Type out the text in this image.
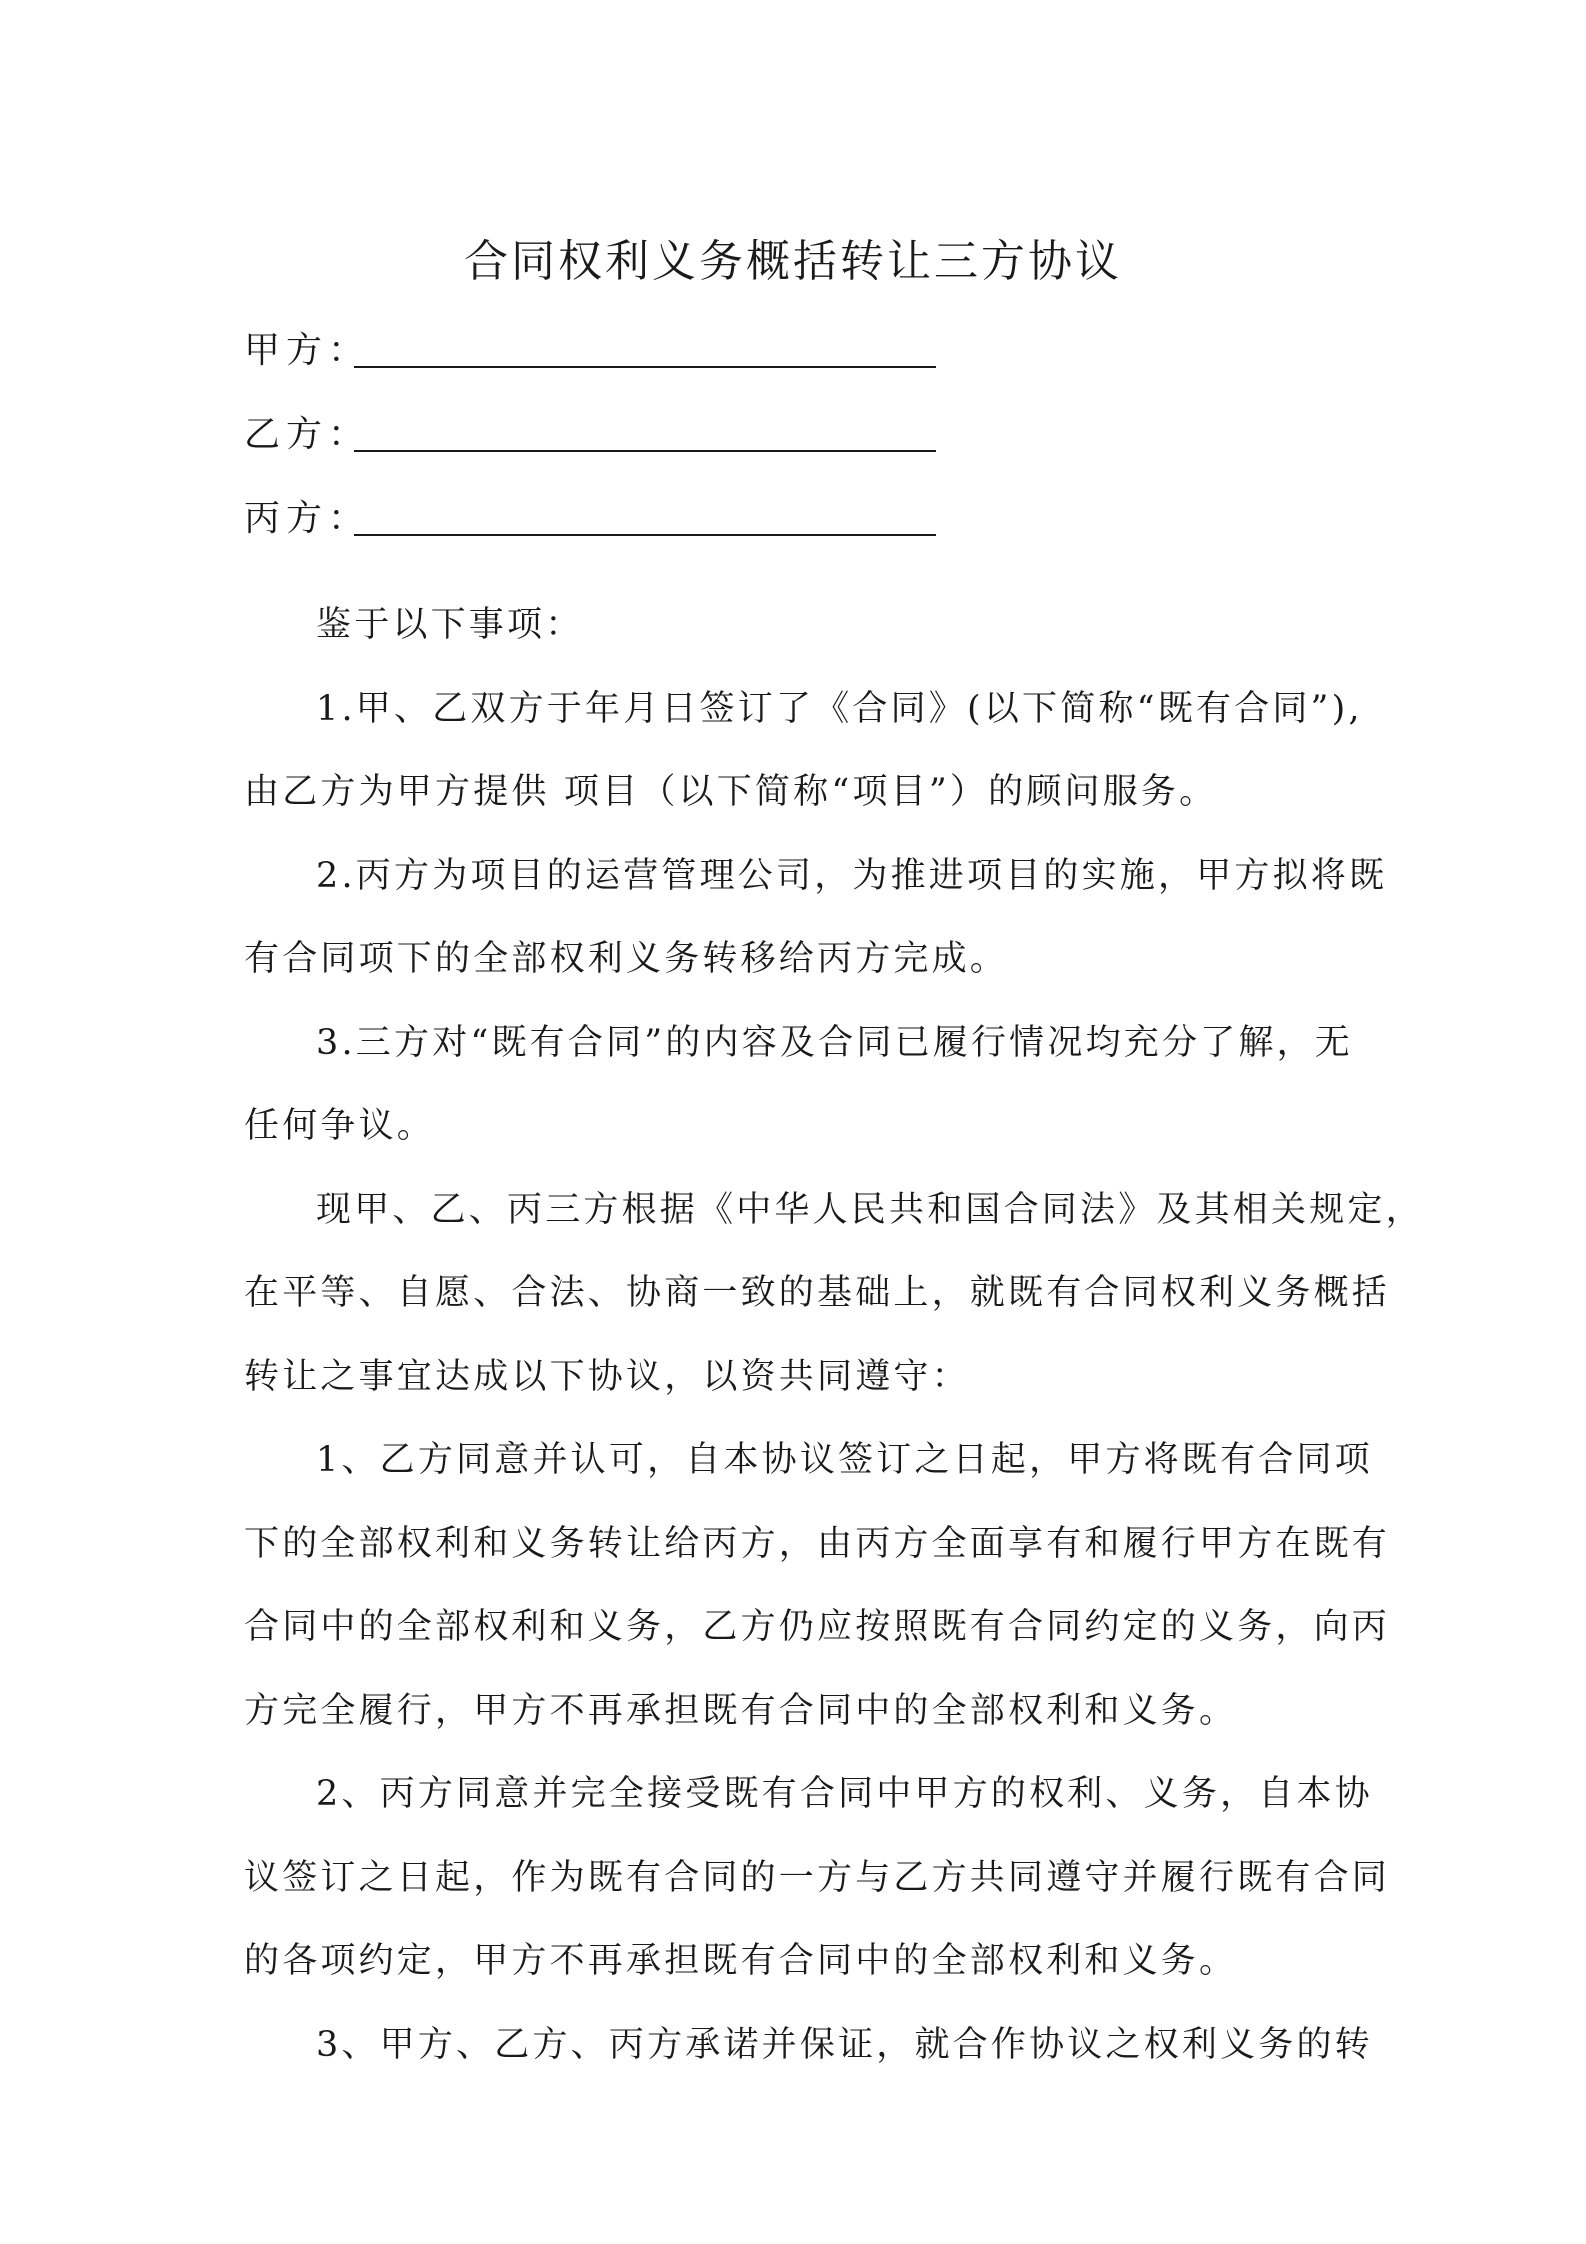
合同权利义务概括转让三方协议
甲方：
乙方：
丙方：

鉴于以下事项：

1.甲、乙双方于年月日签订了《合同》(以下简称“既有合同”),
由乙方为甲方提供 项目（以下简称“项目”）的顾问服务。

2.丙方为项目的运营管理公司，为推进项目的实施，甲方拟将既
有合同项下的全部权利义务转移给丙方完成。

3.三方对“既有合同”的内容及合同已履行情况均充分了解，无
任何争议。

现甲、乙、丙三方根据《中华人民共和国合同法》及其相关规定，
在平等、自愿、合法、协商一致的基础上，就既有合同权利义务概括
转让之事宜达成以下协议，以资共同遵守：

1、乙方同意并认可，自本协议签订之日起，甲方将既有合同项
下的全部权利和义务转让给丙方，由丙方全面享有和履行甲方在既有
合同中的全部权利和义务，乙方仍应按照既有合同约定的义务，向丙
方完全履行，甲方不再承担既有合同中的全部权利和义务。

2、丙方同意并完全接受既有合同中甲方的权利、义务，自本协
议签订之日起，作为既有合同的一方与乙方共同遵守并履行既有合同
的各项约定，甲方不再承担既有合同中的全部权利和义务。

3、甲方、乙方、丙方承诺并保证，就合作协议之权利义务的转
